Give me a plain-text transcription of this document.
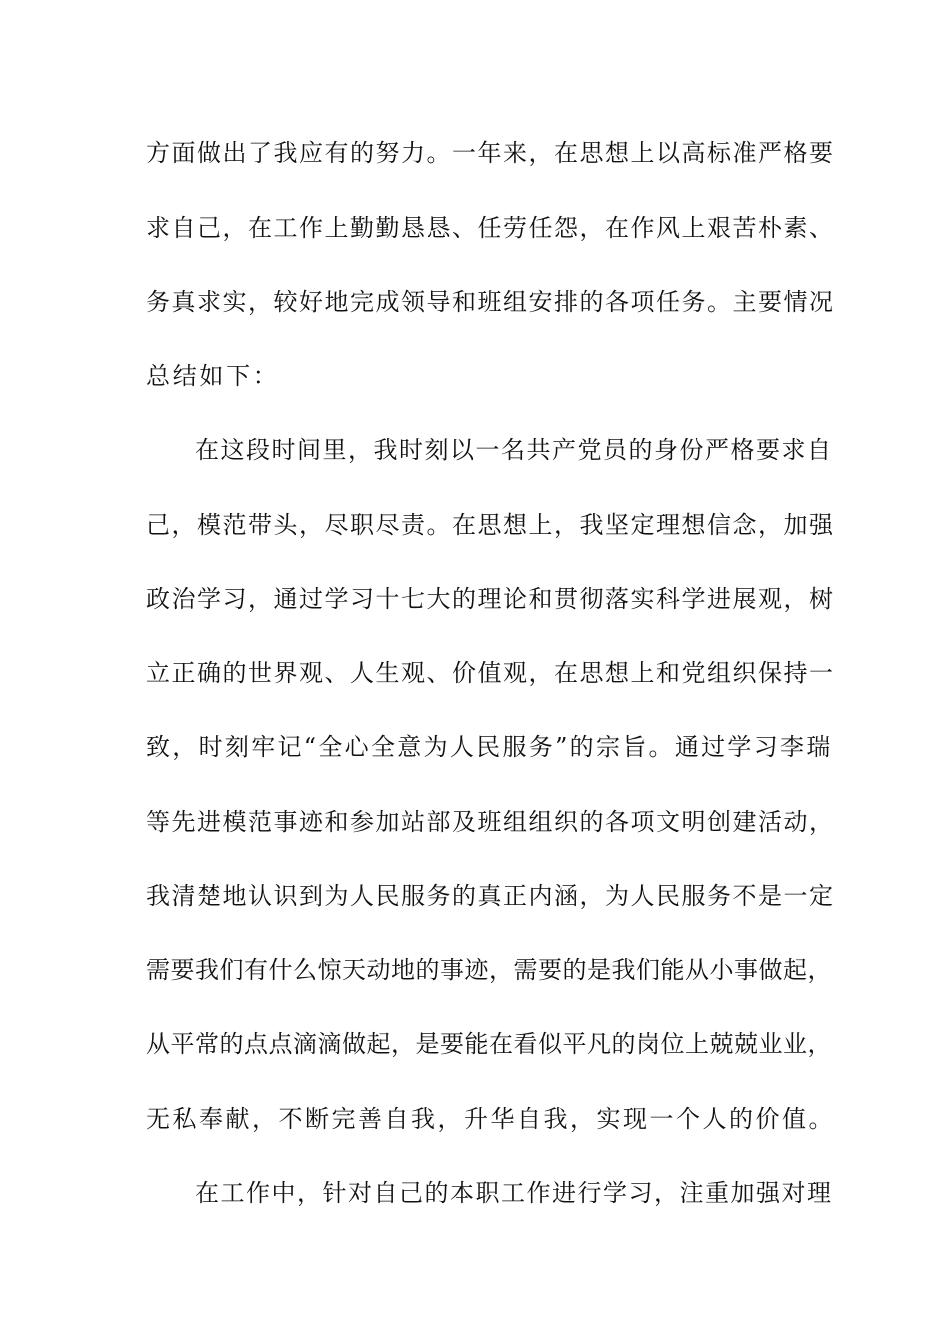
方面做出了我应有的努力。一年来，在思想上以高标准严格要
求自己，在工作上勤勤恳恳、任劳任怨，在作风上艰苦朴素、
务真求实，较好地完成领导和班组安排的各项任务。主要情况
总结如下：
在这段时间里，我时刻以一名共产党员的身份严格要求自
己，模范带头，尽职尽责。在思想上，我坚定理想信念，加强
政治学习，通过学习十七大的理论和贯彻落实科学进展观，树
立正确的世界观、人生观、价值观，在思想上和党组织保持一
致，时刻牢记“全心全意为人民服务”的宗旨。通过学习李瑞
等先进模范事迹和参加站部及班组组织的各项文明创建活动，
我清楚地认识到为人民服务的真正内涵，为人民服务不是一定
需要我们有什么惊天动地的事迹，需要的是我们能从小事做起，
从平常的点点滴滴做起，是要能在看似平凡的岗位上兢兢业业，
无私奉献，不断完善自我，升华自我，实现一个人的价值。
在工作中，针对自己的本职工作进行学习，注重加强对理
